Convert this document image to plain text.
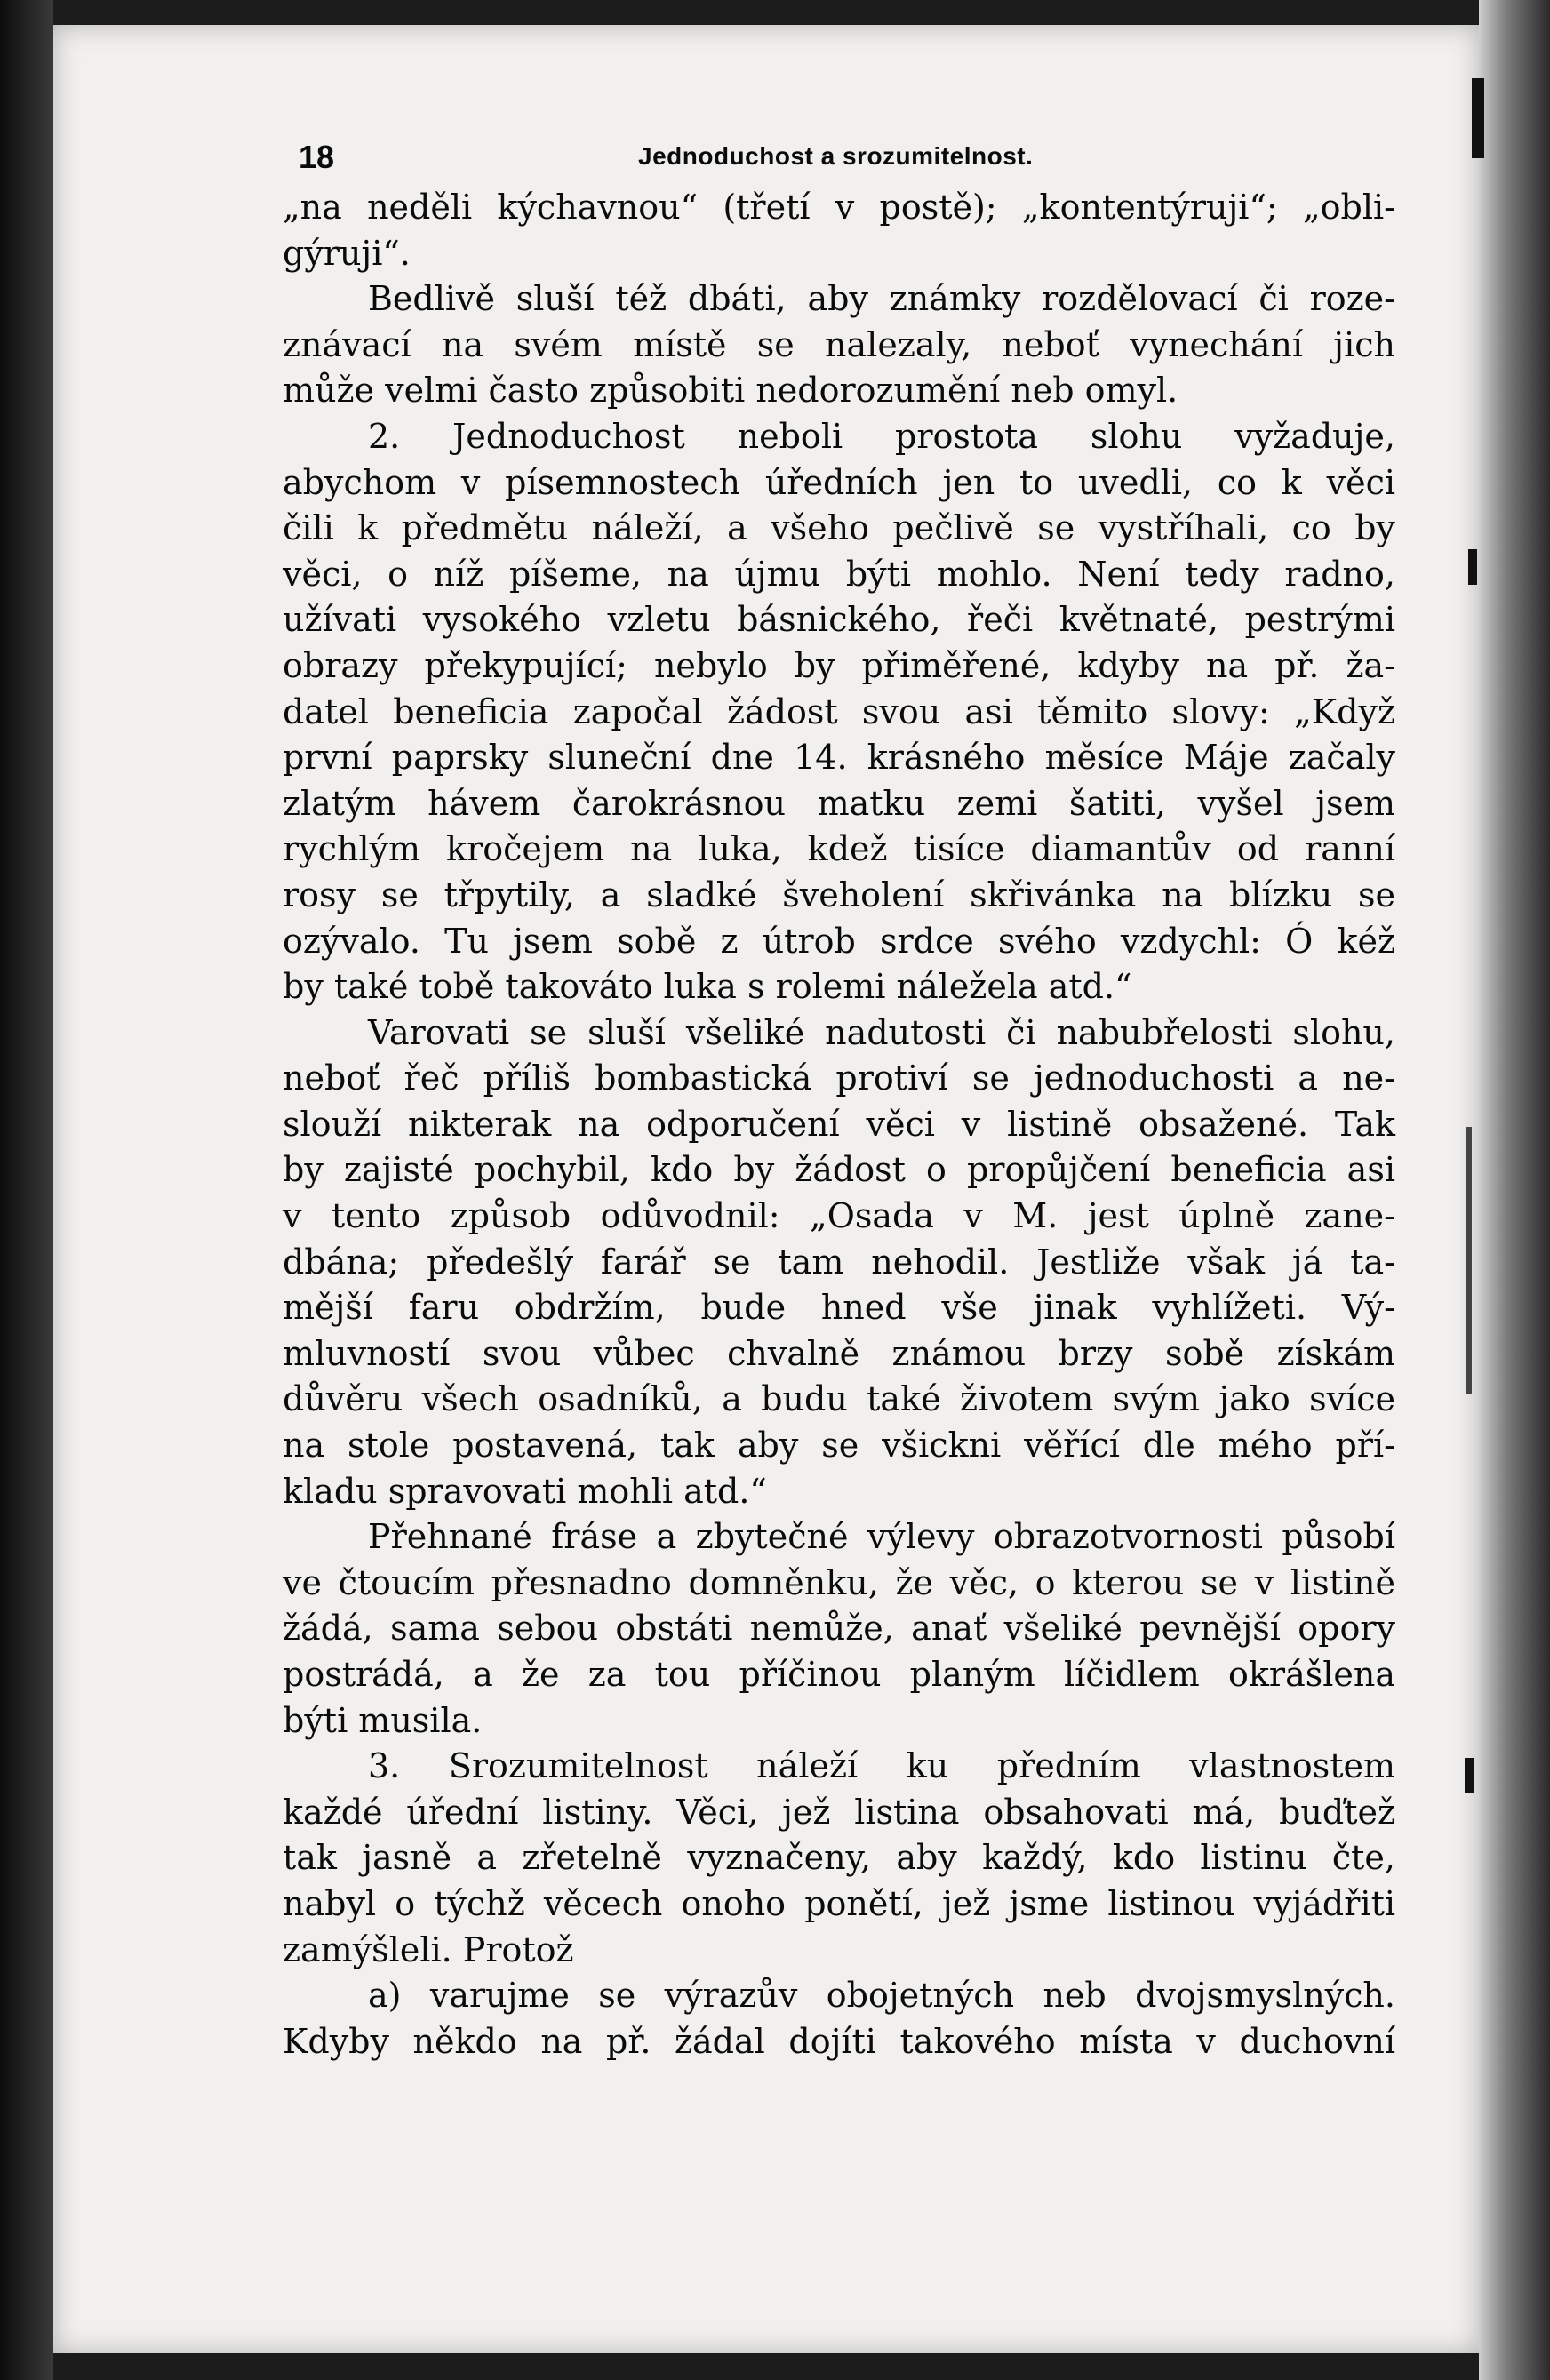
18	Jednoduchost a srozumitelnost.
„na neděli kýchavnou“ (třetí v postě); „kontentýruji“; „obli-
gýruji“.
Bedlivě sluší též dbáti, aby známky rozdělovací či roze-
znávací na svém místě se nalezaly, neboť vynechání jich
může velmi často způsobiti nedorozumění neb omyl.
2. Jednoduchost neboli prostota slohu vyžaduje,
abychom v písemnostech úředních jen to uvedli, co k věci
čili k předmětu náleží, a všeho pečlivě se vystříhali, co by
věci, o níž píšeme, na újmu býti mohlo. Není tedy radno,
užívati vysokého vzletu básnického, řeči květnaté, pestrými
obrazy překypující; nebylo by přiměřené, kdyby na př. ža-
datel beneficia započal žádost svou asi těmito slovy: „Když
první paprsky sluneční dne 14. krásného měsíce Máje začaly
zlatým hávem čarokrásnou matku zemi šatiti, vyšel jsem
rychlým kročejem na luka, kdež tisíce diamantův od ranní
rosy se třpytily, a sladké šveholení skřivánka na blízku se
ozývalo. Tu jsem sobě z útrob srdce svého vzdychl: Ó kéž
by také tobě takováto luka s rolemi náležela atd.“
Varovati se sluší všeliké nadutosti či nabubřelosti slohu,
neboť řeč příliš bombastická protiví se jednoduchosti a ne-
slouží nikterak na odporučení věci v listině obsažené. Tak
by zajisté pochybil, kdo by žádost o propůjčení beneficia asi
v tento způsob odůvodnil: „Osada v M. jest úplně zane-
dbána; předešlý farář se tam nehodil. Jestliže však já ta-
mější faru obdržím, bude hned vše jinak vyhlížeti. Vý-
mluvností svou vůbec chvalně známou brzy sobě získám
důvěru všech osadníků, a budu také životem svým jako svíce
na stole postavená, tak aby se všickni věřící dle mého pří-
kladu spravovati mohli atd.“
Přehnané fráse a zbytečné výlevy obrazotvornosti působí
ve čtoucím přesnadno domněnku, že věc, o kterou se v listině
žádá, sama sebou obstáti nemůže, anať všeliké pevnější opory
postrádá, a že za tou příčinou planým líčidlem okrášlena
býti musila.
3. Srozumitelnost náleží ku předním vlastnostem
každé úřední listiny. Věci, jež listina obsahovati má, buďtež
tak jasně a zřetelně vyznačeny, aby každý, kdo listinu čte,
nabyl o týchž věcech onoho ponětí, jež jsme listinou vyjádřiti
zamýšleli. Protož
a) varujme se výrazův obojetných neb dvojsmyslných.
Kdyby někdo na př. žádal dojíti takového místa v duchovní
